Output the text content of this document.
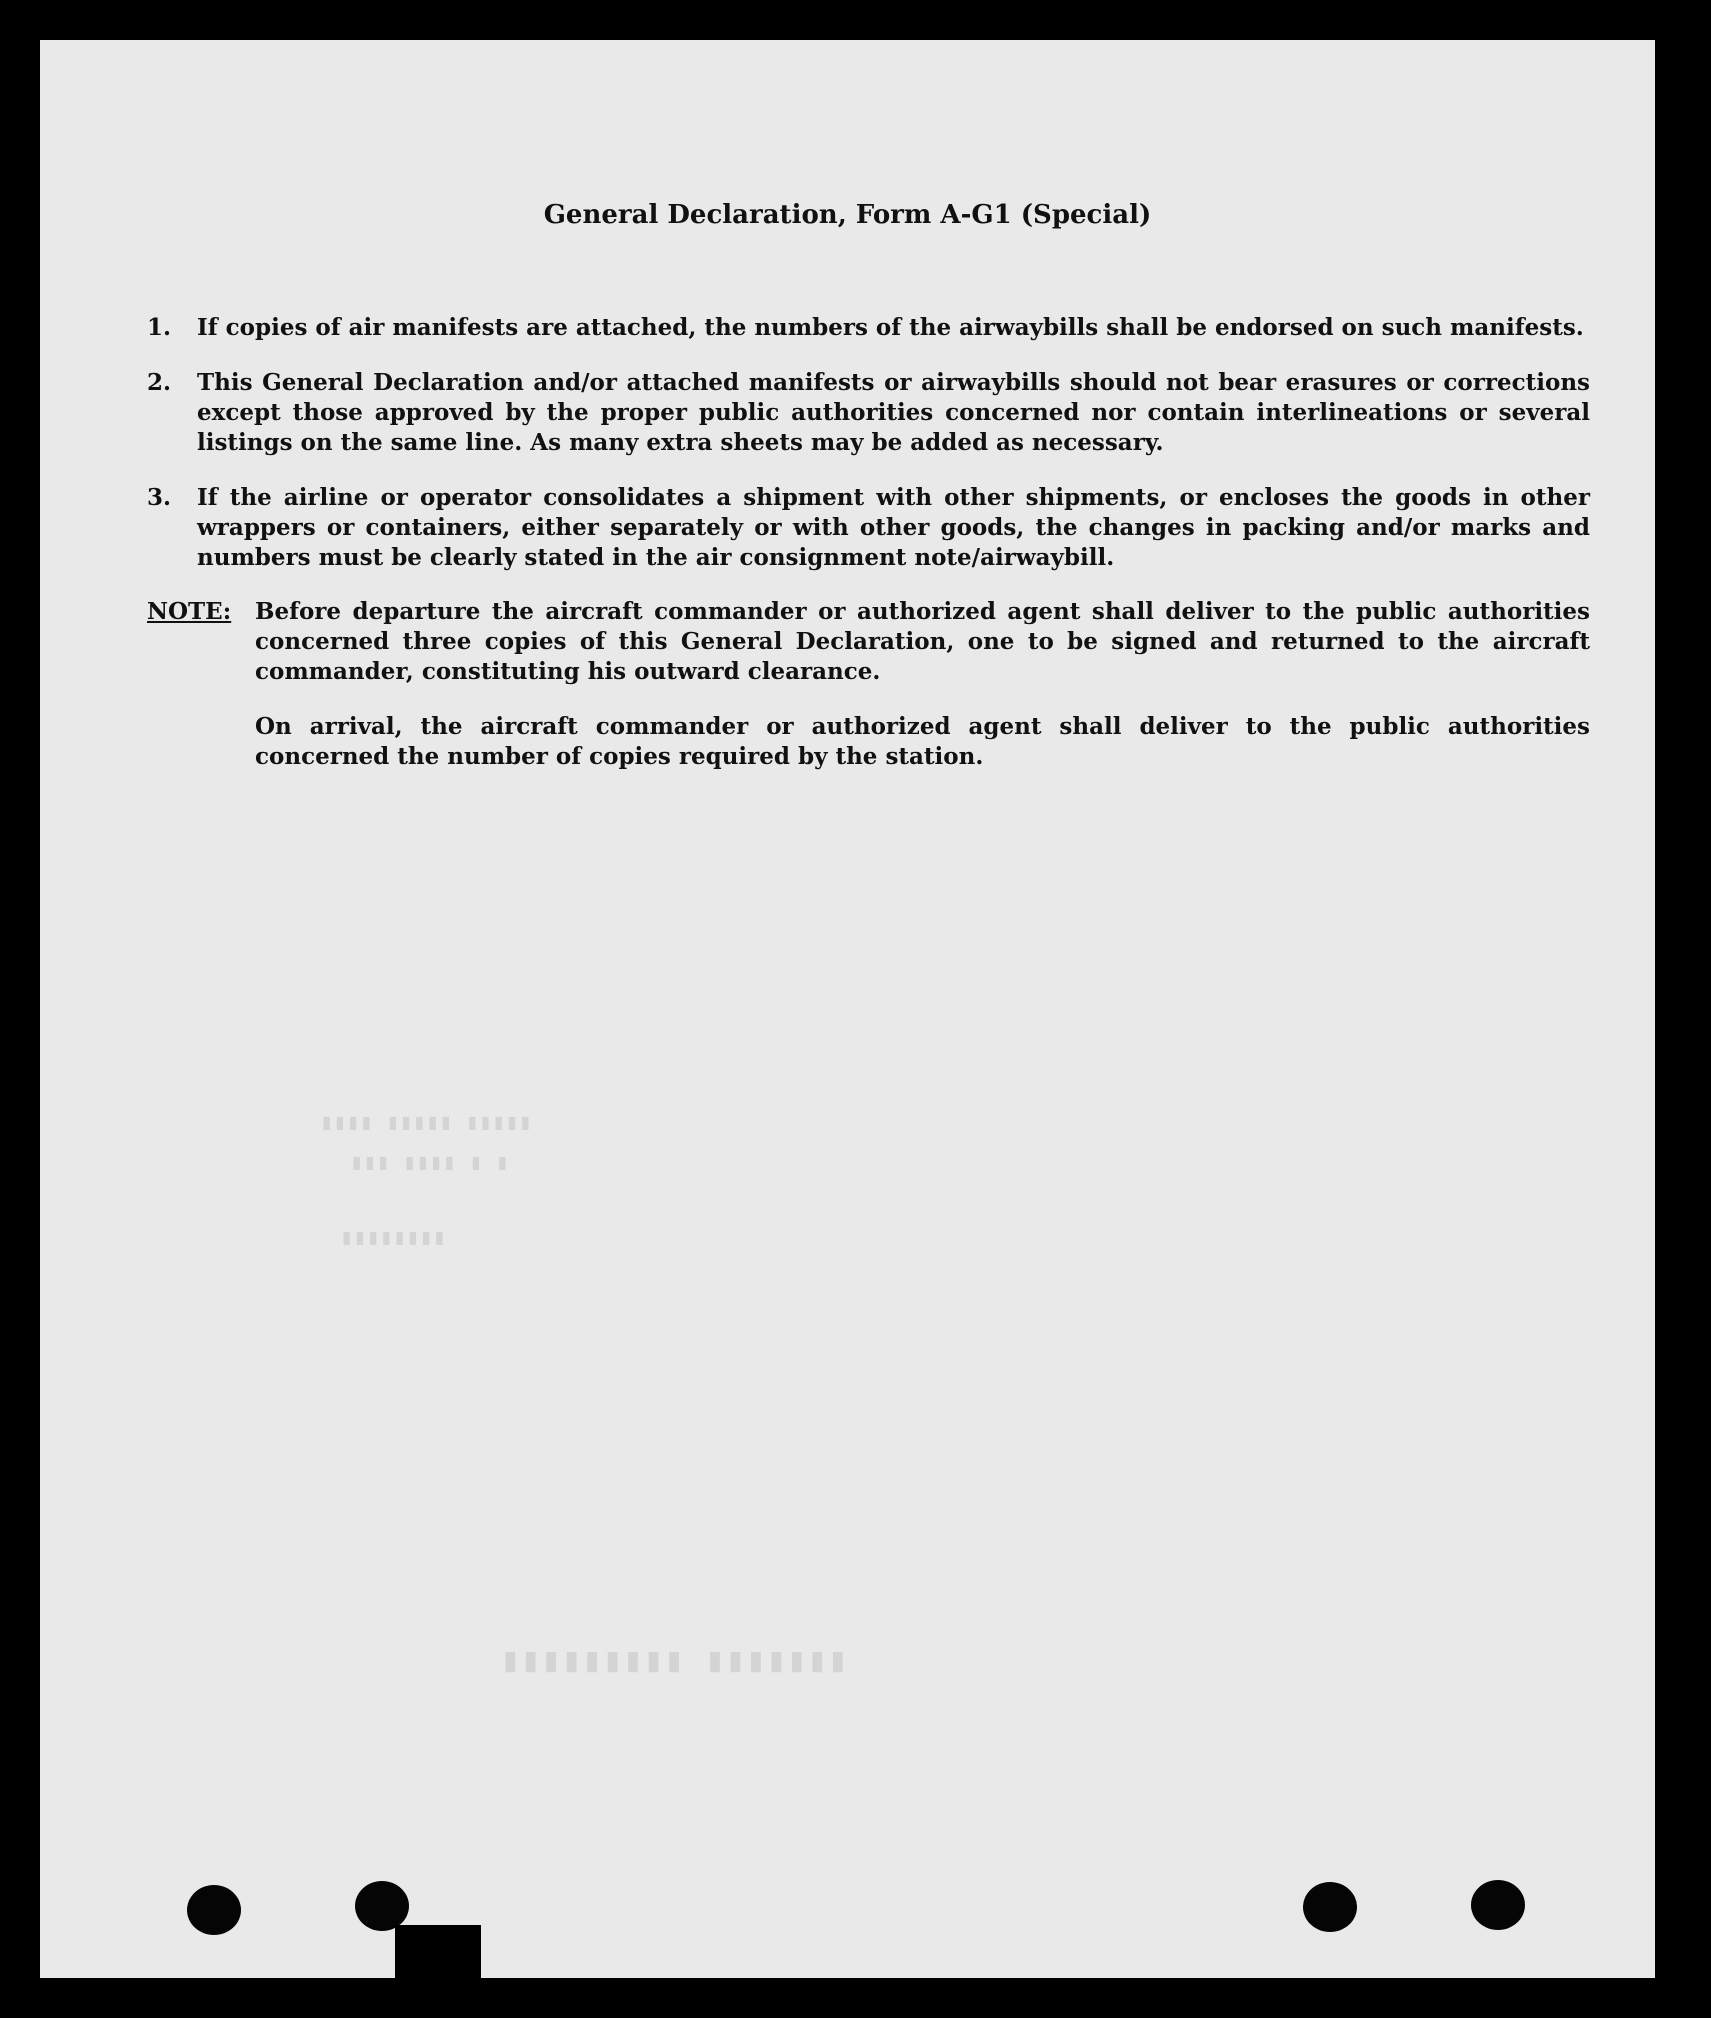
General Declaration, Form A-G1 (Special)
1.	If copies of air manifests are attached, the numbers of the airwaybills shall be endorsed on such manifests.
2.	This General Declaration and/or attached manifests or airwaybills should not bear erasures or corrections except those approved by the proper public authorities concerned nor contain interlineations or several listings on the same line. As many extra sheets may be added as necessary.
3.	If the airline or operator consolidates a shipment with other shipments, or encloses the goods in other wrappers or containers, either separately or with other goods, the changes in packing and/or marks and numbers must be clearly stated in the air consignment note/airwaybill.
NOTE: Before departure the aircraft commander or authorized agent shall deliver to the public authorities concerned three copies of this General Declaration, one to be signed and returned to the aircraft commander, constituting his outward clearance.
On arrival, the aircraft commander or authorized agent shall deliver to the public authorities concerned the number of copies required by the station.
▮▮▮▮▮ ▮▮▮▮▮ ▮▮▮▮
▮ ▮ ▮▮▮▮ ▮▮▮
▮▮▮▮▮▮▮▮
▮▮▮▮▮▮▮ ▮▮▮▮▮▮▮▮▮
